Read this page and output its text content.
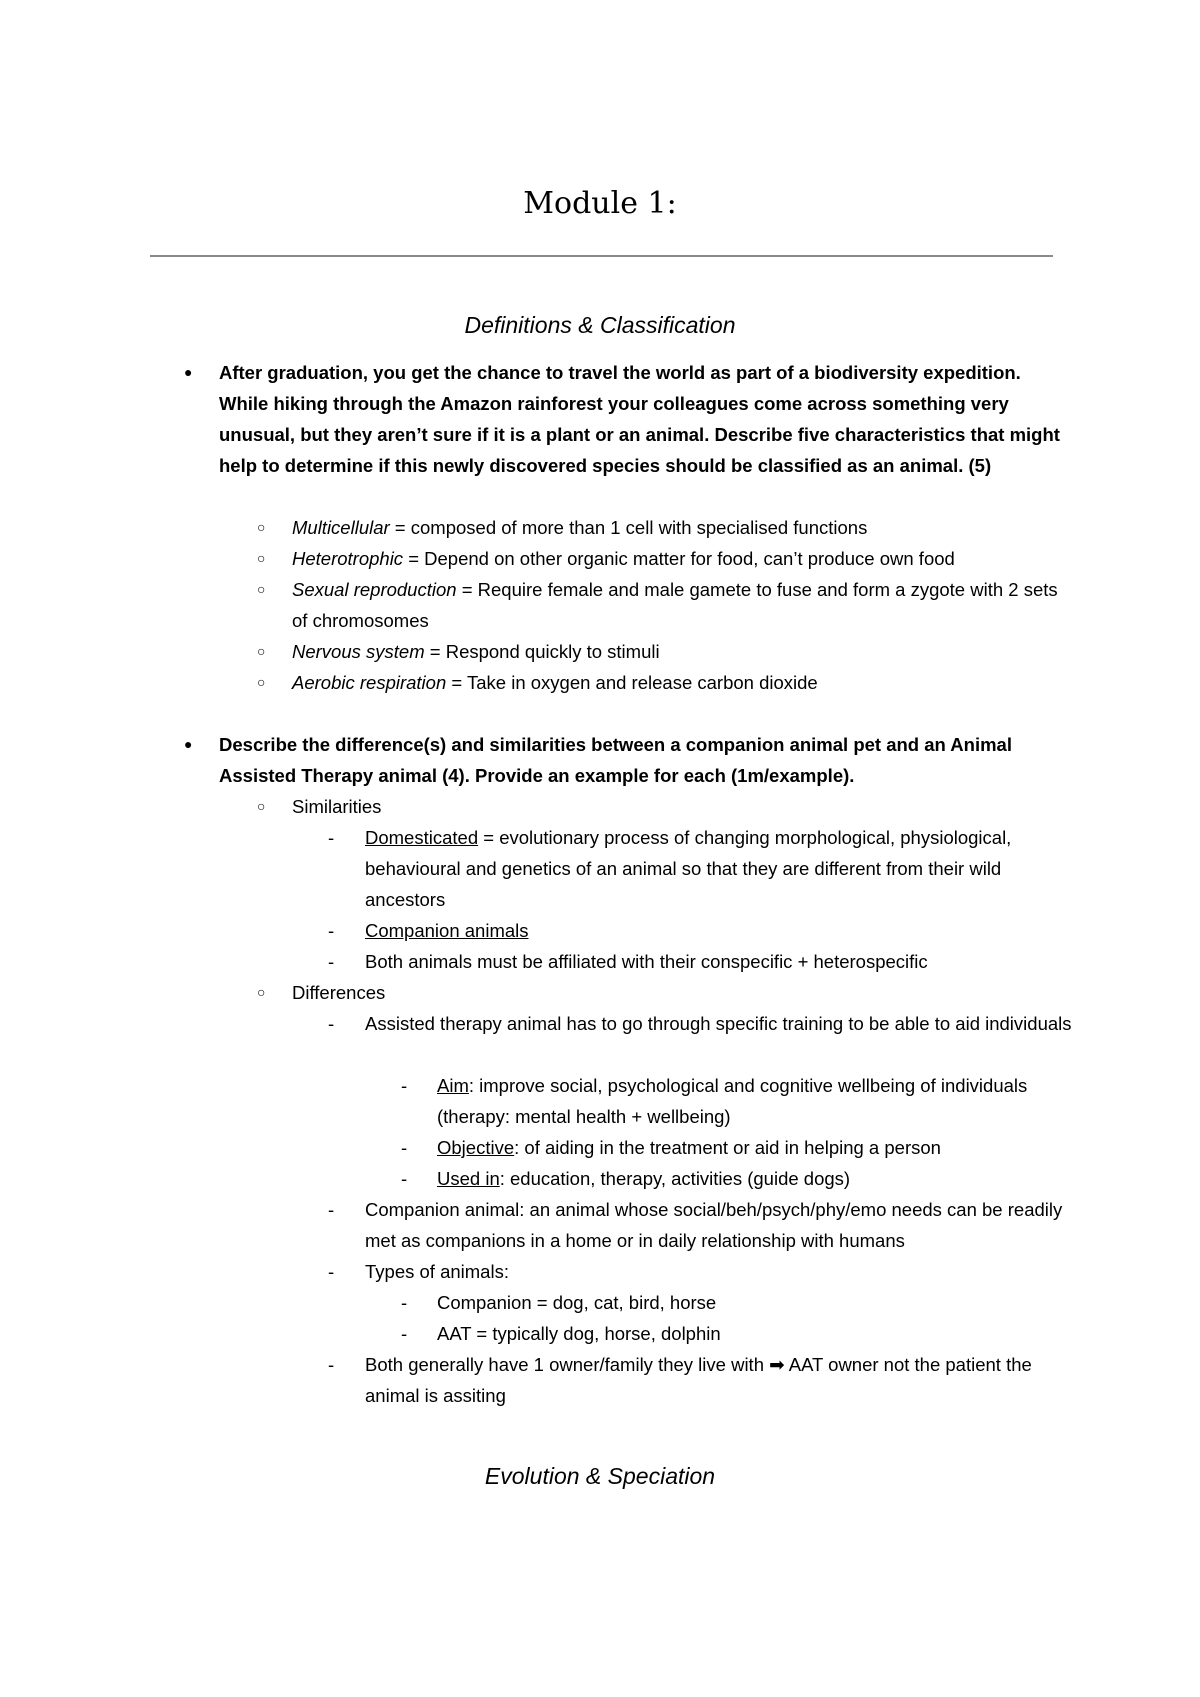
Module 1:
Definitions & Classification
● After graduation, you get the chance to travel the world as part of a biodiversity expedition. While hiking through the Amazon rainforest your colleagues come across something very unusual, but they aren’t sure if it is a plant or an animal. Describe five characteristics that might help to determine if this newly discovered species should be classified as an animal. (5)
○ Multicellular = composed of more than 1 cell with specialised functions
○ Heterotrophic = Depend on other organic matter for food, can’t produce own food
○ Sexual reproduction = Require female and male gamete to fuse and form a zygote with 2 sets of chromosomes
○ Nervous system = Respond quickly to stimuli
○ Aerobic respiration = Take in oxygen and release carbon dioxide
● Describe the difference(s) and similarities between a companion animal pet and an Animal Assisted Therapy animal (4). Provide an example for each (1m/example).
○ Similarities
- Domesticated = evolutionary process of changing morphological, physiological, behavioural and genetics of an animal so that they are different from their wild ancestors
- Companion animals
- Both animals must be affiliated with their conspecific + heterospecific
○ Differences
- Assisted therapy animal has to go through specific training to be able to aid individuals
- Aim: improve social, psychological and cognitive wellbeing of individuals (therapy: mental health + wellbeing)
- Objective: of aiding in the treatment or aid in helping a person
- Used in: education, therapy, activities (guide dogs)
- Companion animal: an animal whose social/beh/psych/phy/emo needs can be readily met as companions in a home or in daily relationship with humans
- Types of animals:
- Companion = dog, cat, bird, horse
- AAT = typically dog, horse, dolphin
- Both generally have 1 owner/family they live with ➡ AAT owner not the patient the animal is assiting
Evolution & Speciation
